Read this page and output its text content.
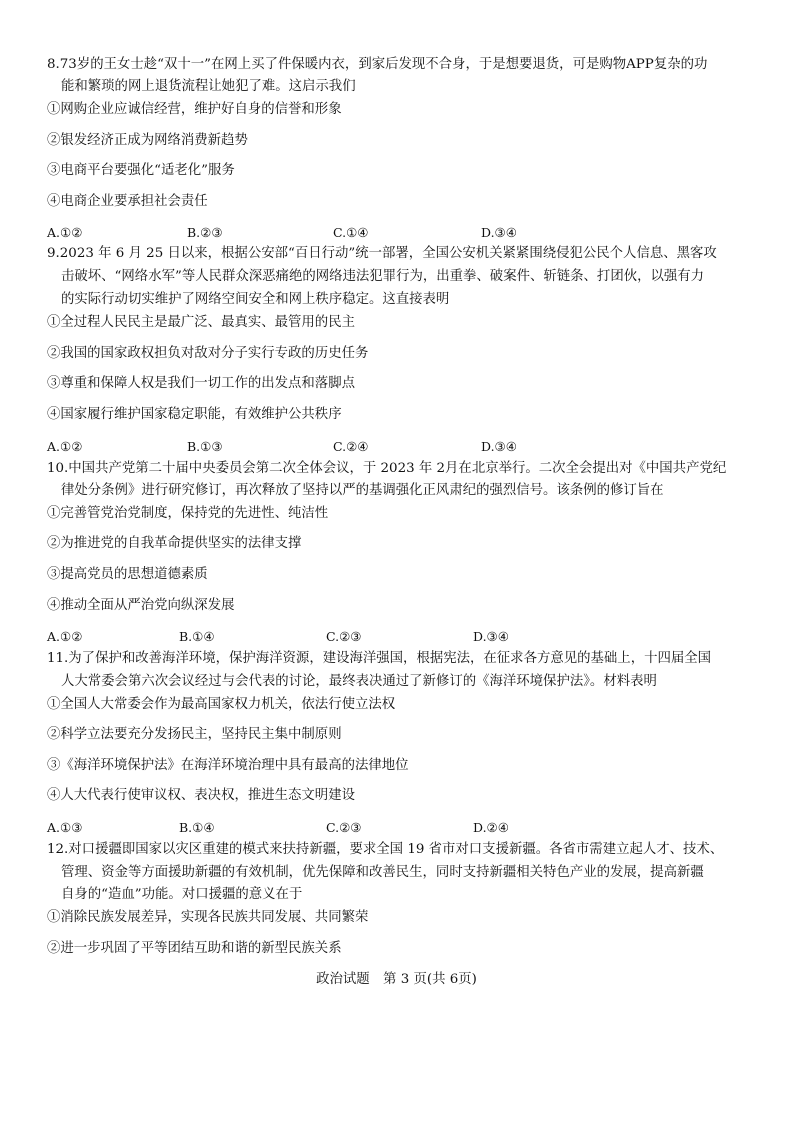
8.73岁的王女士趁“双十一”在网上买了件保暖内衣，到家后发现不合身，于是想要退货，可是购物APP复杂的功
能和繁琐的网上退货流程让她犯了难。这启示我们
①网购企业应诚信经营，维护好自身的信誉和形象
②银发经济正成为网络消费新趋势
③电商平台要强化“适老化”服务
④电商企业要承担社会责任
A.①②	B.②③	C.①④	D.③④
9.2023 年 6 月 25 日以来，根据公安部“百日行动”统一部署，全国公安机关紧紧围绕侵犯公民个人信息、黑客攻
击破坏、“网络水军”等人民群众深恶痛绝的网络违法犯罪行为，出重拳、破案件、斩链条、打团伙，以强有力
的实际行动切实维护了网络空间安全和网上秩序稳定。这直接表明
①全过程人民民主是最广泛、最真实、最管用的民主
②我国的国家政权担负对敌对分子实行专政的历史任务
③尊重和保障人权是我们一切工作的出发点和落脚点
④国家履行维护国家稳定职能，有效维护公共秩序
A.①②	B.①③	C.②④	D.③④
10.中国共产党第二十届中央委员会第二次全体会议，于 2023 年 2月在北京举行。二次全会提出对《中国共产党纪
律处分条例》进行研究修订，再次释放了坚持以严的基调强化正风肃纪的强烈信号。该条例的修订旨在
①完善管党治党制度，保持党的先进性、纯洁性
②为推进党的自我革命提供坚实的法律支撑
③提高党员的思想道德素质
④推动全面从严治党向纵深发展
A.①②	B.①④	C.②③	D.③④
11.为了保护和改善海洋环境，保护海洋资源，建设海洋强国，根据宪法，在征求各方意见的基础上，十四届全国
人大常委会第六次会议经过与会代表的讨论，最终表决通过了新修订的《海洋环境保护法》。材料表明
①全国人大常委会作为最高国家权力机关，依法行使立法权
②科学立法要充分发扬民主，坚持民主集中制原则
③《海洋环境保护法》在海洋环境治理中具有最高的法律地位
④人大代表行使审议权、表决权，推进生态文明建设
A.①③	B.①④	C.②③	D.②④
12.对口援疆即国家以灾区重建的模式来扶持新疆，要求全国 19 省市对口支援新疆。各省市需建立起人才、技术、
管理、资金等方面援助新疆的有效机制，优先保障和改善民生，同时支持新疆相关特色产业的发展，提高新疆
自身的“造血”功能。对口援疆的意义在于
①消除民族发展差异，实现各民族共同发展、共同繁荣
②进一步巩固了平等团结互助和谐的新型民族关系
政治试题　第 3 页(共 6页)
